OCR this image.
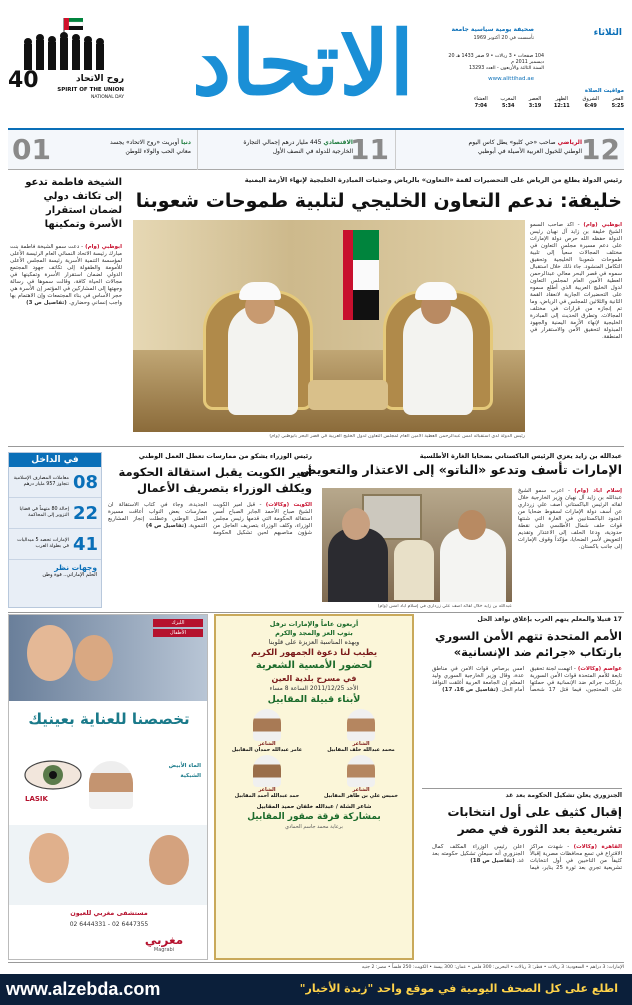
الثلاثاء
صحيفة يومية سياسية جامعة
تأسست في 20 أكتوبر 1969
104 صفحات • 3 ريالات • 9 صفر 1433 هـ 20 ديسمبر 2011 م
السنة الثالثة والأربعون - العدد 13293
www.alittihad.ae
مواقيت الصلاة
الفجر
5:25
الشروق
6:49
الظهر
12:11
العصر
3:19
المغرب
5:34
العشاء
7:04
الاتحاد
روح الاتحاد
SPIRIT OF THE UNION
NATIONAL DAY
40
12
الرياضي صاحب «حي كلبو» يطل كاس اليوم
الوطني للخيول العربية الأصيلة في أبوظبي
11
الاقتصادي 445 مليار درهم إجمالي التجارة
الخارجية للدولة في النصف الأول
01	دنيا أوبريت «روح الاتحاد» يجسد
معاني الحب والولاء للوطن
رئيس الدولة يطلع من الرياض على التحضيرات لقمة «التعاون» بالرياض وحيثيات المبادرة الخليجية لإنهاء الأزمة اليمنية
خليفة: ندعم التعاون الخليجي لتلبية طموحات شعوبنا
أبوظبي (وام) - أكد صاحب السمو الشيخ خليفة بن زايد آل نهيان رئيس الدولة حفظه الله حرص دولة الإمارات على دعم مسيرة مجلس التعاون في مختلف المجالات سعياً إلى تلبية طموحات شعوبنا الخليجية وتحقيق التكامل المنشود. جاء ذلك خلال استقبال سموه في قصر البحر معالي عبدالرحمن العطية الأمين العام لمجلس التعاون لدول الخليج العربية الذي أطلع سموه على التحضيرات الجارية لانعقاد القمة الثانية والثلاثين للمجلس في الرياض، وما تم إنجازه من قرارات في مختلف المجالات. وتطرق الحديث إلى المبادرة الخليجية لإنهاء الأزمة اليمنية والجهود المبذولة لتحقيق الأمن والاستقرار في المنطقة.
رئيس الدولة لدى استقباله أمس عبدالرحمن العطية الأمين العام لمجلس التعاون لدول الخليج العربية في قصر البحر بأبوظبي (وام)
الشيخة فاطمة تدعو إلى تكاتف دولي لضمان استقرار الأسرة وتمكينها
أبوظبي (وام) - دعت سمو الشيخة فاطمة بنت مبارك رئيسة الاتحاد النسائي العام الرئيسة الأعلى لمؤسسة التنمية الأسرية رئيسة المجلس الأعلى للأمومة والطفولة إلى تكاتف جهود المجتمع الدولي لضمان استقرار الأسرة وتمكينها في مجالات الحياة كافة، وقالت سموها في رسالة وجهتها إلى المشاركين في المؤتمر إن الأسرة هي حجر الأساس في بناء المجتمعات وإن الاهتمام بها واجب إنساني وحضاري. (تفاصيل ص 3)
عبدالله بن زايد يعزي الرئيس الباكستاني بضحايا الغارة الأطلسية
الإمارات تأسف وتدعو «الناتو» إلى الاعتذار والتعويض
عبدالله بن زايد خلال لقائه آصف علي زرداري في إسلام آباد أمس (وام)
إسلام آباد (وام) - أعرب سمو الشيخ عبدالله بن زايد آل نهيان وزير الخارجية خلال لقائه الرئيس الباكستاني آصف علي زرداري عن أسف دولة الإمارات لسقوط ضحايا من الجنود الباكستانيين في الغارة التي شنتها قوات حلف شمال الأطلسي على نقطة حدودية، ودعا الحلف إلى الاعتذار وتقديم التعويض لأسر الضحايا، مؤكداً وقوف الإمارات إلى جانب باكستان.
رئيس الوزراء يشكو من ممارسات تعطل العمل الوطني
أمير الكويت يقبل استقالة الحكومة ويكلف الوزراء بتصريف الأعمال
الكويت (وكالات) - قبل أمير الكويت الشيخ صباح الأحمد الجابر الصباح أمس استقالة الحكومة التي قدمها رئيس مجلس الوزراء، وكلف الوزراء بتصريف العاجل من شؤون مناصبهم لحين تشكيل الحكومة الجديدة، وجاء في كتاب الاستقالة أن ممارسات بعض النواب أعاقت مسيرة العمل الوطني وعطلت إنجاز المشاريع التنموية. (تفاصيل ص 4)
في الداخل
08
معاملات المصارف الإسلامية تتجاوز 957 مليار درهم
22
إحالة 80 متهماً في قضايا التزوير إلى المحاكمة
41
الإمارات تحصد 5 ميداليات في بطولة العرب
وجهات نظر
الحلم الإماراتي.. قوة وطن
17 قتيلاً والمعلم يتهم العرب بإغلاق نوافذ الحل
الأمم المتحدة تتهم الأمن السوري بارتكاب «جرائم ضد الإنسانية»
عواصم (وكالات) - اتهمت لجنة تحقيق تابعة للأمم المتحدة قوات الأمن السورية بارتكاب جرائم ضد الإنسانية في حملتها على المحتجين، فيما قتل 17 شخصاً أمس برصاص قوات الأمن في مناطق عدة، وقال وزير الخارجية السوري وليد المعلم إن الجامعة العربية أغلقت النوافذ أمام الحل. (تفاصيل ص 16، 17)
الجنزوري يعلن تشكيل الحكومة بعد غد
إقبال كثيف على أول انتخابات تشريعية بعد الثورة في مصر
القاهرة (وكالات) - شهدت مراكز الاقتراع في تسع محافظات مصرية إقبالاً كثيفاً من الناخبين في أول انتخابات تشريعية تجري بعد ثورة 25 يناير، فيما أعلن رئيس الوزراء المكلف كمال الجنزوري أنه سيعلن تشكيل حكومته بعد غد. (تفاصيل ص 18)
أربعون عاماً والإمارات ترفل
بثوب العز والمجد والكرم
وبهذه المناسبة العزيزة على قلوبنا
يطيب لنا دعوة الجمهور الكريم
لحضور الأمسية الشعرية
في مسرح بلدية العين
الأحد 2011/12/25 الساعة 8 مساء
لأبناء قبيلة المقابيل
الشاعر
محمد عبدالله خلف المقابيل
الشاعر
عامر عبدالله حمدان المقابيل
الشاعر
خميس علي بن طاهر المقابيل
الشاعر
حمد عبدالله أحمد المقابيل
شاعر الشلة / عبدالله خلفان حميد المقابيل
بمشاركة فرقة صقور المقابيل
برعاية محمد جاسم الحمادي
الليزك
الأطفال
تخصصنا للعناية بعينيك
LASIK
الماء الأبيض
الشبكية
مستشفى مغربي للعيون
02 6444331 - 02 6447355
مغربي
Magrabi
الإمارات: 3 دراهم • السعودية: 3 ريالات • قطر: 3 ريالات • البحرين: 300 فلس • عمان: 300 بيسة • الكويت: 250 فلساً • مصر: 2 جنيه
اطلع على كل الصحف اليومية في موقع واحد "زبدة الأخبار"
www.alzebda.com
